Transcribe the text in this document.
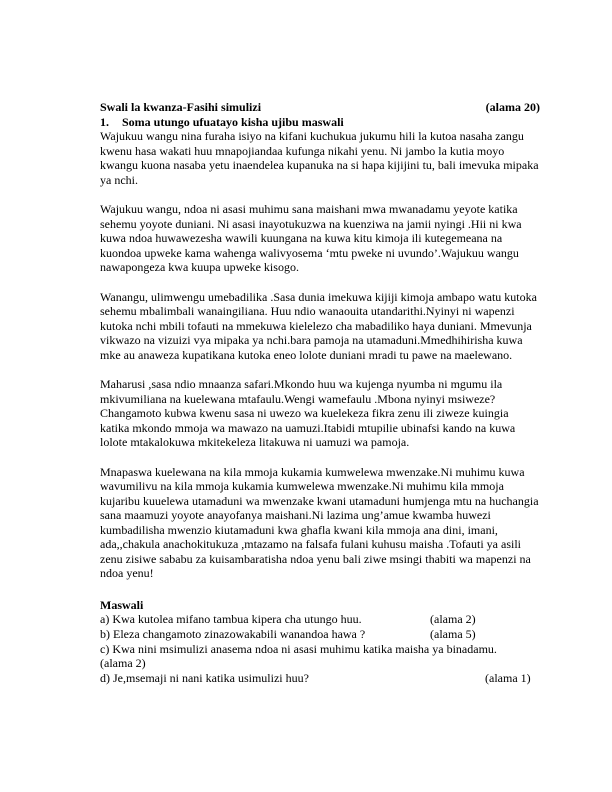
Swali la kwanza-Fasihi simulizi	(alama 20)
1. Soma utungo ufuatayo kisha ujibu maswali

Wajukuu wangu nina furaha isiyo na kifani kuchukua jukumu hili la kutoa nasaha zangu kwenu hasa wakati huu mnapojiandaa kufunga nikahi yenu. Ni jambo la kutia moyo kwangu kuona nasaba yetu inaendelea kupanuka na si hapa kijijini tu, bali imevuka mipaka ya nchi.

Wajukuu wangu, ndoa ni asasi muhimu sana maishani mwa mwanadamu yeyote katika sehemu yoyote duniani. Ni asasi inayotukuzwa na kuenziwa na jamii nyingi .Hii ni kwa kuwa ndoa huwawezesha wawili kuungana na kuwa kitu kimoja ili kutegemeana na kuondoa upweke kama wahenga walivyosema ‘mtu pweke ni uvundo’.Wajukuu wangu nawapongeza kwa kuupa upweke kisogo.

Wanangu, ulimwengu umebadilika .Sasa dunia imekuwa kijiji kimoja ambapo watu kutoka sehemu mbalimbali wanaingiliana. Huu ndio wanaouita utandarithi.Nyinyi ni wapenzi kutoka nchi mbili tofauti na mmekuwa kielelezo cha mabadiliko haya duniani. Mmevunja vikwazo na vizuizi vya mipaka ya nchi.bara pamoja na utamaduni.Mmedhihirisha kuwa mke au anaweza kupatikana kutoka eneo lolote duniani mradi tu pawe na maelewano.

Maharusi ,sasa ndio mnaanza safari.Mkondo huu wa kujenga nyumba ni mgumu ila mkivumiliana na kuelewana mtafaulu.Wengi wamefaulu .Mbona nyinyi msiweze?Changamoto kubwa kwenu sasa ni uwezo wa kuelekeza fikra zenu ili ziweze kuingia katika mkondo mmoja wa mawazo na uamuzi.Itabidi mtupilie ubinafsi kando na kuwa lolote mtakalokuwa mkitekeleza litakuwa ni uamuzi wa pamoja.

Mnapaswa kuelewana na kila mmoja kukamia kumwelewa mwenzake.Ni muhimu kuwa wavumilivu na kila mmoja kukamia kumwelewa mwenzake.Ni muhimu kila mmoja kujaribu kuuelewa utamaduni wa mwenzake kwani utamaduni humjenga mtu na huchangia sana maamuzi yoyote anayofanya maishani.Ni lazima ung’amue kwamba huwezi kumbadilisha mwenzio kiutamaduni kwa ghafla kwani kila mmoja ana dini, imani, ada,,chakula anachokitukuza ,mtazamo na falsafa fulani kuhusu maisha .Tofauti ya asili zenu zisiwe sababu za kuisambaratisha ndoa yenu bali ziwe msingi thabiti wa mapenzi na ndoa yenu!

Maswali
a) Kwa kutolea mifano tambua kipera cha utungo huu.	(alama 2)
b) Eleza changamoto zinazowakabili wanandoa hawa ?	(alama 5)
c) Kwa nini msimulizi anasema ndoa ni asasi muhimu katika maisha ya binadamu.
(alama 2)
d) Je,msemaji ni nani katika usimulizi huu?	(alama 1)
